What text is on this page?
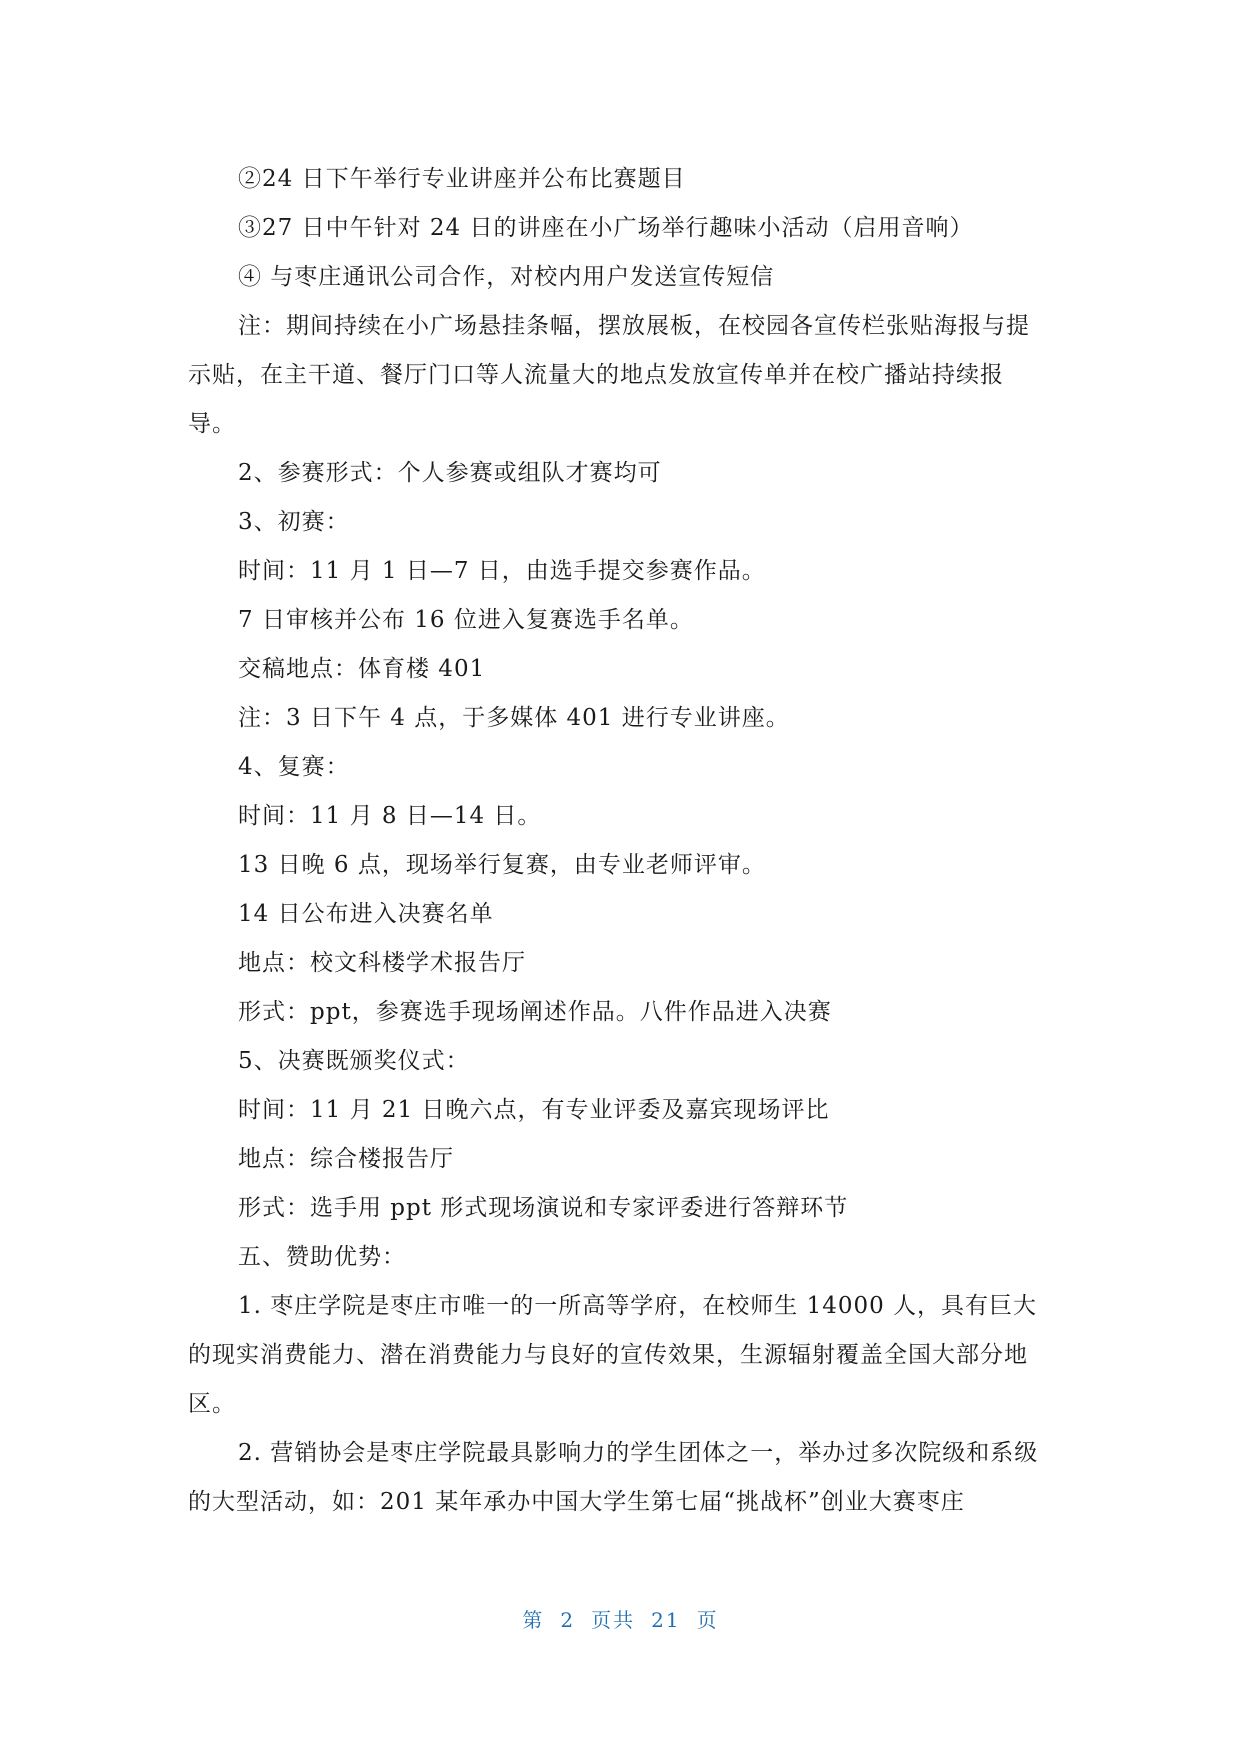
②24 日下午举行专业讲座并公布比赛题目

③27 日中午针对 24 日的讲座在小广场举行趣味小活动（启用音响）

④ 与枣庄通讯公司合作，对校内用户发送宣传短信

注：期间持续在小广场悬挂条幅，摆放展板，在校园各宣传栏张贴海报与提示贴，在主干道、餐厅门口等人流量大的地点发放宣传单并在校广播站持续报导。

2、参赛形式：个人参赛或组队才赛均可

3、初赛：

时间：11 月 1 日—7 日，由选手提交参赛作品。

7 日审核并公布 16 位进入复赛选手名单。

交稿地点：体育楼 401

注：3 日下午 4 点，于多媒体 401 进行专业讲座。

4、复赛：

时间：11 月 8 日—14 日。

13 日晚 6 点，现场举行复赛，由专业老师评审。

14 日公布进入决赛名单

地点：校文科楼学术报告厅

形式：ppt，参赛选手现场阐述作品。八件作品进入决赛

5、决赛既颁奖仪式：

时间：11 月 21 日晚六点，有专业评委及嘉宾现场评比

地点：综合楼报告厅

形式：选手用 ppt 形式现场演说和专家评委进行答辩环节

五、赞助优势：

1. 枣庄学院是枣庄市唯一的一所高等学府，在校师生 14000 人，具有巨大的现实消费能力、潜在消费能力与良好的宣传效果，生源辐射覆盖全国大部分地区。

2. 营销协会是枣庄学院最具影响力的学生团体之一，举办过多次院级和系级的大型活动，如：201 某年承办中国大学生第七届“挑战杯”创业大赛枣庄

第 2 页共 21 页
